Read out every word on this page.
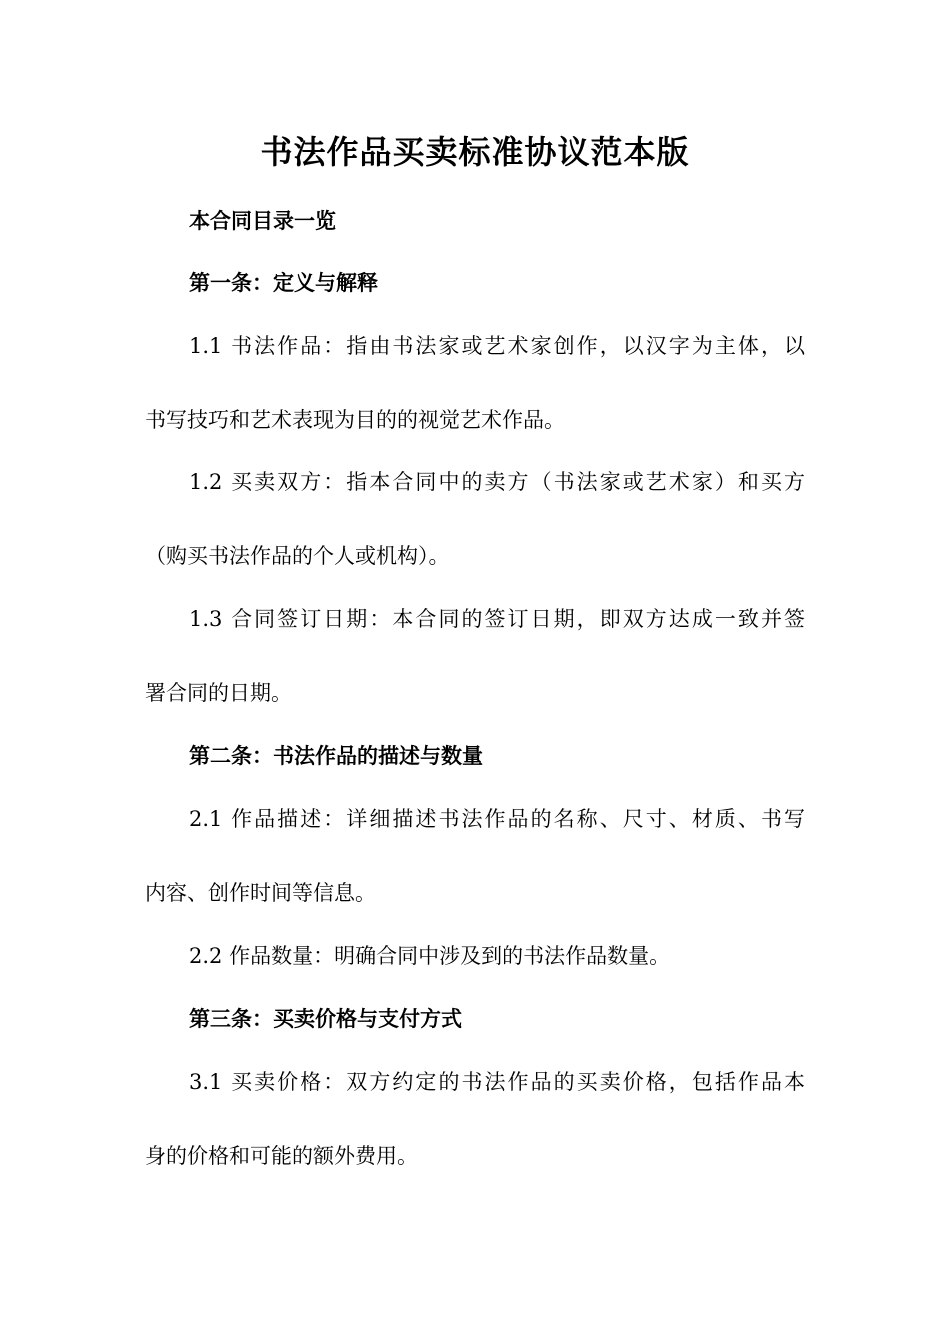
书法作品买卖标准协议范本版
本合同目录一览
第一条：定义与解释
1.1 书法作品：指由书法家或艺术家创作，以汉字为主体，以
书写技巧和艺术表现为目的的视觉艺术作品。
1.2 买卖双方：指本合同中的卖方（书法家或艺术家）和买方
（购买书法作品的个人或机构）。
1.3 合同签订日期：本合同的签订日期，即双方达成一致并签
署合同的日期。
第二条：书法作品的描述与数量
2.1 作品描述：详细描述书法作品的名称、尺寸、材质、书写
内容、创作时间等信息。
2.2 作品数量：明确合同中涉及到的书法作品数量。
第三条：买卖价格与支付方式
3.1 买卖价格：双方约定的书法作品的买卖价格，包括作品本
身的价格和可能的额外费用。
